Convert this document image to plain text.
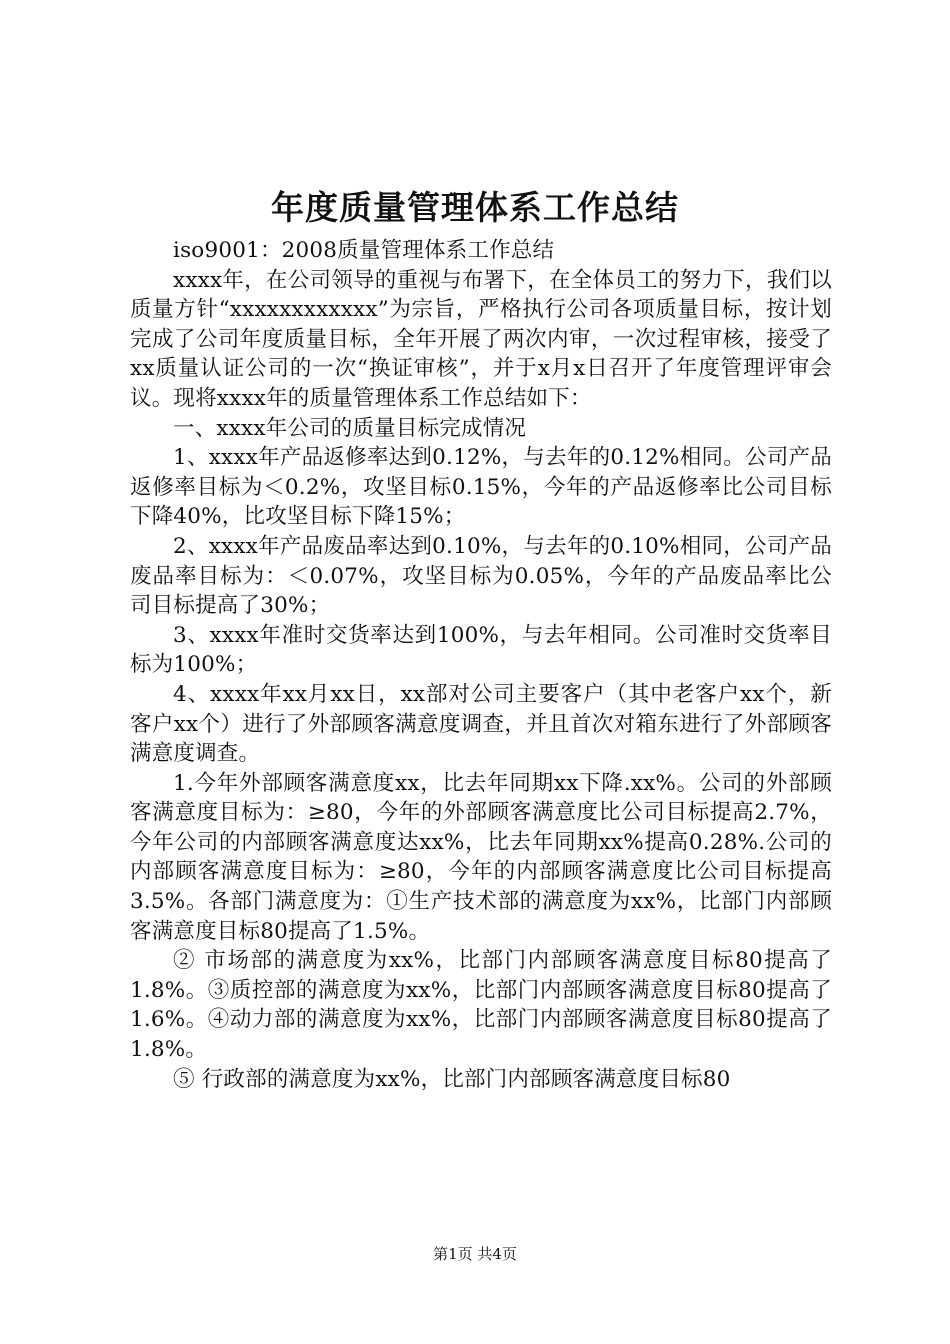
年度质量管理体系工作总结

iso9001：2008质量管理体系工作总结

xxxx年，在公司领导的重视与布署下，在全体员工的努力下，我们以质量方针“xxxxxxxxxxxx”为宗旨，严格执行公司各项质量目标，按计划完成了公司年度质量目标，全年开展了两次内审，一次过程审核，接受了xx质量认证公司的一次“换证审核”，并于x月x日召开了年度管理评审会议。现将xxxx年的质量管理体系工作总结如下：

一、xxxx年公司的质量目标完成情况

1、xxxx年产品返修率达到0.12%，与去年的0.12%相同。公司产品返修率目标为＜0.2%，攻坚目标0.15%，今年的产品返修率比公司目标下降40%，比攻坚目标下降15%；

2、xxxx年产品废品率达到0.10%，与去年的0.10%相同，公司产品废品率目标为：＜0.07%，攻坚目标为0.05%，今年的产品废品率比公司目标提高了30%；

3、xxxx年准时交货率达到100%，与去年相同。公司准时交货率目标为100%；

4、xxxx年xx月xx日，xx部对公司主要客户（其中老客户xx个，新客户xx个）进行了外部顾客满意度调查，并且首次对箱东进行了外部顾客满意度调查。

1.今年外部顾客满意度xx，比去年同期xx下降.xx%。公司的外部顾客满意度目标为：≥80，今年的外部顾客满意度比公司目标提高2.7%，今年公司的内部顾客满意度达xx%，比去年同期xx%提高0.28%.公司的内部顾客满意度目标为：≥80，今年的内部顾客满意度比公司目标提高3.5%。各部门满意度为：①生产技术部的满意度为xx%，比部门内部顾客满意度目标80提高了1.5%。

② 市场部的满意度为xx%，比部门内部顾客满意度目标80提高了1.8%。③质控部的满意度为xx%，比部门内部顾客满意度目标80提高了1.6%。④动力部的满意度为xx%，比部门内部顾客满意度目标80提高了1.8%。

⑤ 行政部的满意度为xx%，比部门内部顾客满意度目标80

第1页 共4页
